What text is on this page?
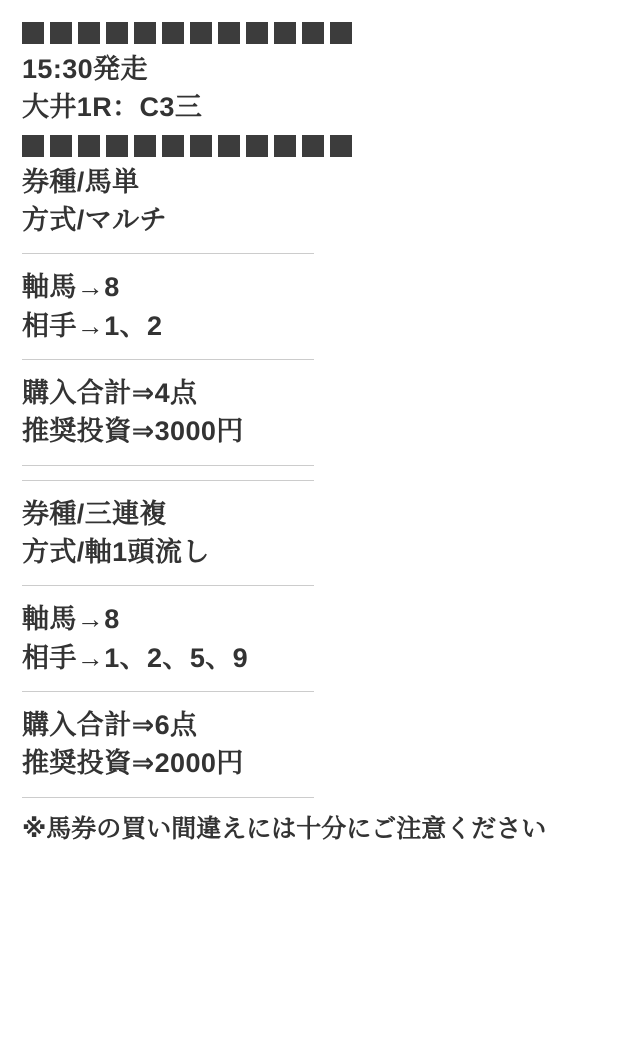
15:30発走
大井1R：C3三
券種/馬単
方式/マルチ
軸馬→8
相手→1、2
購入合計⇒4点
推奨投資⇒3000円
券種/三連複
方式/軸1頭流し
軸馬→8
相手→1、2、5、9
購入合計⇒6点
推奨投資⇒2000円
※馬券の買い間違えには十分にご注意ください
